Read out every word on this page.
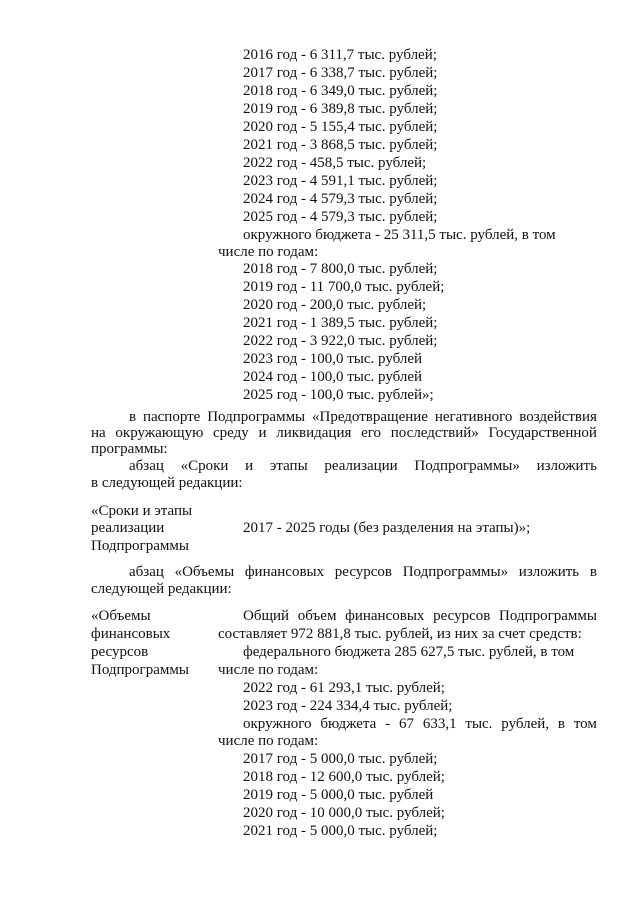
2016 год - 6 311,7 тыс. рублей;
2017 год - 6 338,7 тыс. рублей;
2018 год - 6 349,0 тыс. рублей;
2019 год - 6 389,8 тыс. рублей;
2020 год - 5 155,4 тыс. рублей;
2021 год - 3 868,5 тыс. рублей;
2022 год - 458,5 тыс. рублей;
2023 год - 4 591,1 тыс. рублей;
2024 год - 4 579,3 тыс. рублей;
2025 год - 4 579,3 тыс. рублей;
окружного бюджета - 25 311,5 тыс. рублей, в том
числе по годам:
2018 год - 7 800,0 тыс. рублей;
2019 год - 11 700,0 тыс. рублей;
2020 год - 200,0 тыс. рублей;
2021 год - 1 389,5 тыс. рублей;
2022 год - 3 922,0 тыс. рублей;
2023 год - 100,0 тыс. рублей
2024 год - 100,0 тыс. рублей
2025 год - 100,0 тыс. рублей»;
в паспорте Подпрограммы «Предотвращение негативного воздействия
на окружающую среду и ликвидация его последствий» Государственной
программы:
абзац «Сроки и этапы реализации Подпрограммы» изложить
в следующей редакции:
«Сроки и этапы
реализации
Подпрограммы
2017 - 2025 годы (без разделения на этапы)»;
абзац «Объемы финансовых ресурсов Подпрограммы» изложить в
следующей редакции:
«Объемы
финансовых
ресурсов
Подпрограммы
Общий объем финансовых ресурсов Подпрограммы
составляет 972 881,8 тыс. рублей, из них за счет средств:
федерального бюджета 285 627,5 тыс. рублей, в том
числе по годам:
2022 год - 61 293,1 тыс. рублей;
2023 год - 224 334,4 тыс. рублей;
окружного бюджета - 67 633,1 тыс. рублей, в том
числе по годам:
2017 год - 5 000,0 тыс. рублей;
2018 год - 12 600,0 тыс. рублей;
2019 год - 5 000,0 тыс. рублей
2020 год - 10 000,0 тыс. рублей;
2021 год - 5 000,0 тыс. рублей;
